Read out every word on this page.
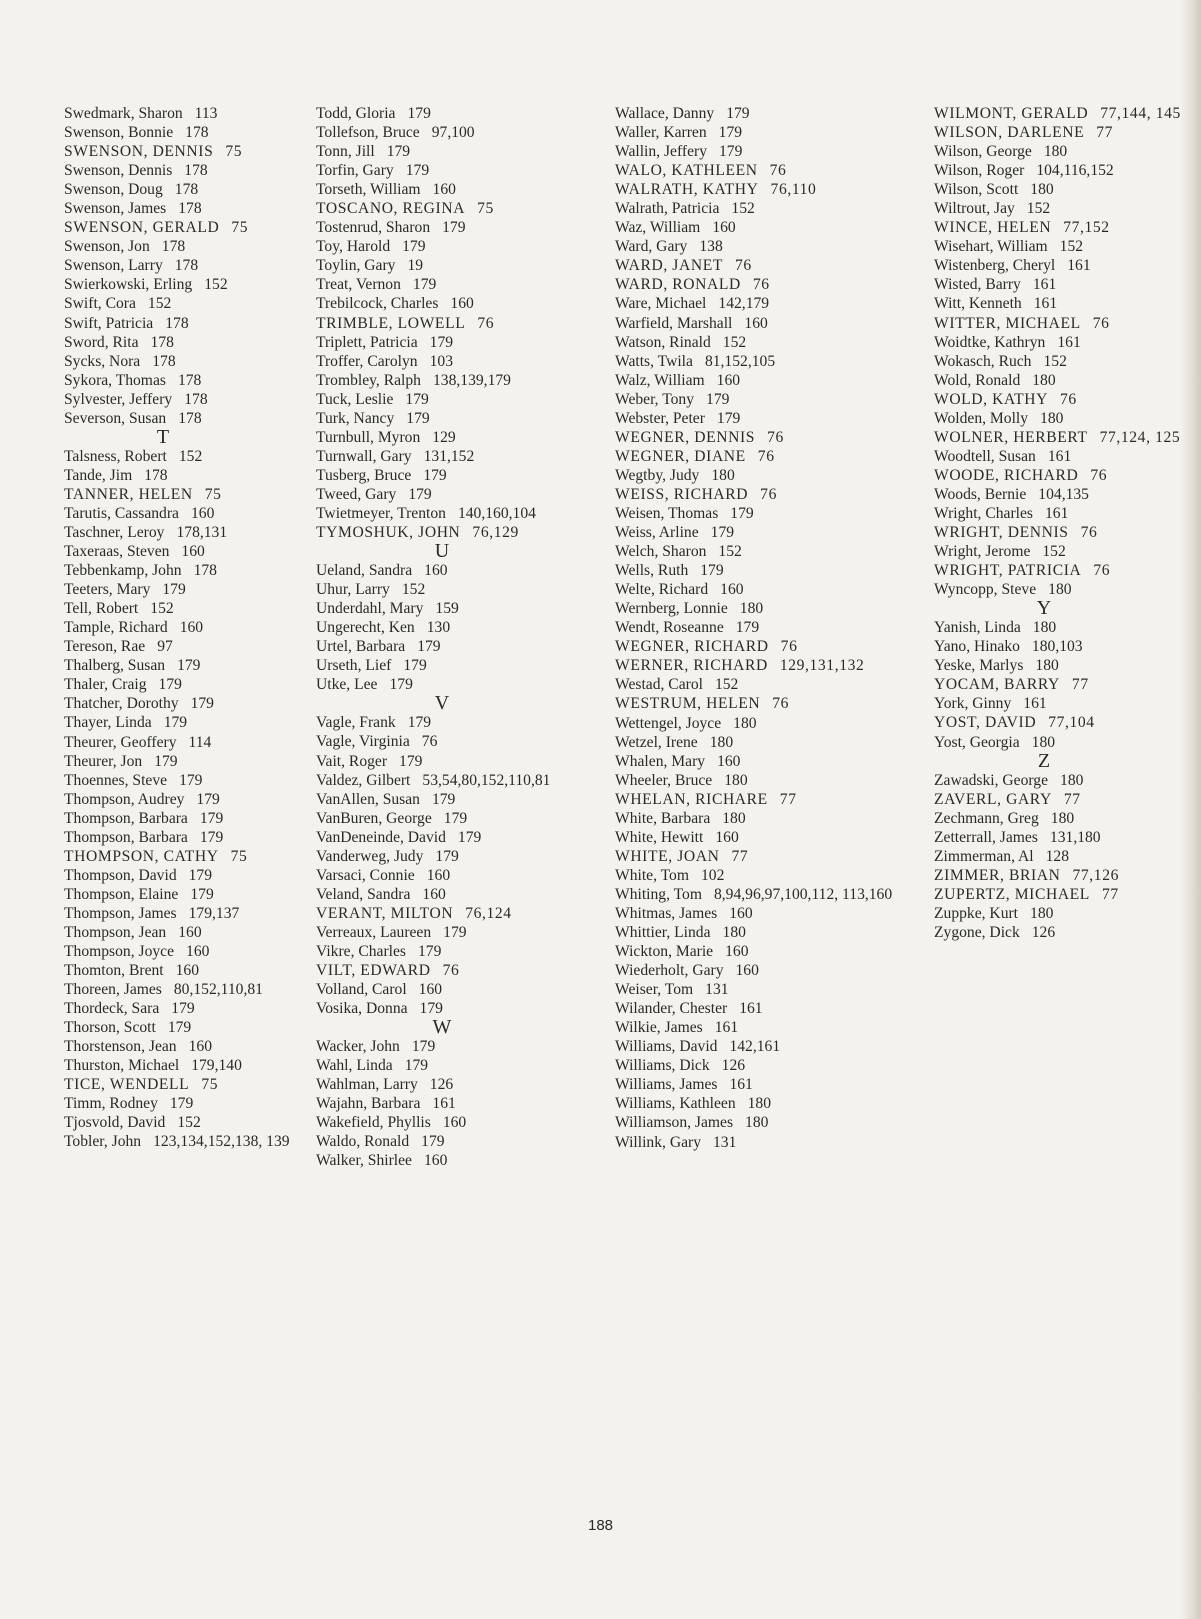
Swedmark, Sharon 113
Swenson, Bonnie 178
SWENSON, DENNIS 75
Swenson, Dennis 178
Swenson, Doug 178
Swenson, James 178
SWENSON, GERALD 75
Swenson, Jon 178
Swenson, Larry 178
Swierkowski, Erling 152
Swift, Cora 152
Swift, Patricia 178
Sword, Rita 178
Sycks, Nora 178
Sykora, Thomas 178
Sylvester, Jeffery 178
Severson, Susan 178
T
Talsness, Robert 152
Tande, Jim 178
TANNER, HELEN 75
Tarutis, Cassandra 160
Taschner, Leroy 178,131
Taxeraas, Steven 160
Tebbenkamp, John 178
Teeters, Mary 179
Tell, Robert 152
Tample, Richard 160
Tereson, Rae 97
Thalberg, Susan 179
Thaler, Craig 179
Thatcher, Dorothy 179
Thayer, Linda 179
Theurer, Geoffery 114
Theurer, Jon 179
Thoennes, Steve 179
Thompson, Audrey 179
Thompson, Barbara 179
Thompson, Barbara 179
THOMPSON, CATHY 75
Thompson, David 179
Thompson, Elaine 179
Thompson, James 179,137
Thompson, Jean 160
Thompson, Joyce 160
Thomton, Brent 160
Thoreen, James 80,152,110,81
Thordeck, Sara 179
Thorson, Scott 179
Thorstenson, Jean 160
Thurston, Michael 179,140
TICE, WENDELL 75
Timm, Rodney 179
Tjosvold, David 152
Tobler, John 123,134,152,138, 139
Todd, Gloria 179
Tollefson, Bruce 97,100
Tonn, Jill 179
Torfin, Gary 179
Torseth, William 160
TOSCANO, REGINA 75
Tostenrud, Sharon 179
Toy, Harold 179
Toylin, Gary 19
Treat, Vernon 179
Trebilcock, Charles 160
TRIMBLE, LOWELL 76
Triplett, Patricia 179
Troffer, Carolyn 103
Trombley, Ralph 138,139,179
Tuck, Leslie 179
Turk, Nancy 179
Turnbull, Myron 129
Turnwall, Gary 131,152
Tusberg, Bruce 179
Tweed, Gary 179
Twietmeyer, Trenton 140,160,104
TYMOSHUK, JOHN 76,129
U
Ueland, Sandra 160
Uhur, Larry 152
Underdahl, Mary 159
Ungerecht, Ken 130
Urtel, Barbara 179
Urseth, Lief 179
Utke, Lee 179
V
Vagle, Frank 179
Vagle, Virginia 76
Vait, Roger 179
Valdez, Gilbert 53,54,80,152,110,81
VanAllen, Susan 179
VanBuren, George 179
VanDeneinde, David 179
Vanderweg, Judy 179
Varsaci, Connie 160
Veland, Sandra 160
VERANT, MILTON 76,124
Verreaux, Laureen 179
Vikre, Charles 179
VILT, EDWARD 76
Volland, Carol 160
Vosika, Donna 179
W
Wacker, John 179
Wahl, Linda 179
Wahlman, Larry 126
Wajahn, Barbara 161
Wakefield, Phyllis 160
Waldo, Ronald 179
Walker, Shirlee 160
Wallace, Danny 179
Waller, Karren 179
Wallin, Jeffery 179
WALO, KATHLEEN 76
WALRATH, KATHY 76,110
Walrath, Patricia 152
Waz, William 160
Ward, Gary 138
WARD, JANET 76
WARD, RONALD 76
Ware, Michael 142,179
Warfield, Marshall 160
Watson, Rinald 152
Watts, Twila 81,152,105
Walz, William 160
Weber, Tony 179
Webster, Peter 179
WEGNER, DENNIS 76
WEGNER, DIANE 76
Wegtby, Judy 180
WEISS, RICHARD 76
Weisen, Thomas 179
Weiss, Arline 179
Welch, Sharon 152
Wells, Ruth 179
Welte, Richard 160
Wernberg, Lonnie 180
Wendt, Roseanne 179
WEGNER, RICHARD 76
WERNER, RICHARD 129,131,132
Westad, Carol 152
WESTRUM, HELEN 76
Wettengel, Joyce 180
Wetzel, Irene 180
Whalen, Mary 160
Wheeler, Bruce 180
WHELAN, RICHARE 77
White, Barbara 180
White, Hewitt 160
WHITE, JOAN 77
White, Tom 102
Whiting, Tom 8,94,96,97,100,112, 113,160
Whitmas, James 160
Whittier, Linda 180
Wickton, Marie 160
Wiederholt, Gary 160
Weiser, Tom 131
Wilander, Chester 161
Wilkie, James 161
Williams, David 142,161
Williams, Dick 126
Williams, James 161
Williams, Kathleen 180
Williamson, James 180
Willink, Gary 131
WILMONT, GERALD 77,144, 145
WILSON, DARLENE 77
Wilson, George 180
Wilson, Roger 104,116,152
Wilson, Scott 180
Wiltrout, Jay 152
WINCE, HELEN 77,152
Wisehart, William 152
Wistenberg, Cheryl 161
Wisted, Barry 161
Witt, Kenneth 161
WITTER, MICHAEL 76
Woidtke, Kathryn 161
Wokasch, Ruch 152
Wold, Ronald 180
WOLD, KATHY 76
Wolden, Molly 180
WOLNER, HERBERT 77,124, 125
Woodtell, Susan 161
WOODE, RICHARD 76
Woods, Bernie 104,135
Wright, Charles 161
WRIGHT, DENNIS 76
Wright, Jerome 152
WRIGHT, PATRICIA 76
Wyncopp, Steve 180
Y
Yanish, Linda 180
Yano, Hinako 180,103
Yeske, Marlys 180
YOCAM, BARRY 77
York, Ginny 161
YOST, DAVID 77,104
Yost, Georgia 180
Z
Zawadski, George 180
ZAVERL, GARY 77
Zechmann, Greg 180
Zetterrall, James 131,180
Zimmerman, Al 128
ZIMMER, BRIAN 77,126
ZUPERTZ, MICHAEL 77
Zuppke, Kurt 180
Zygone, Dick 126
188
